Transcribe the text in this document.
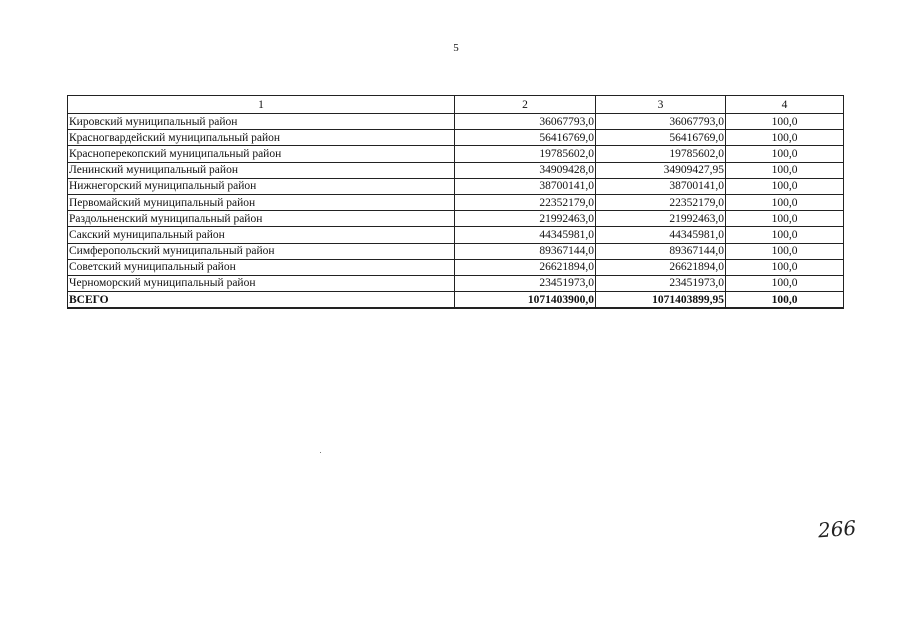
5
1	2	3	4
Кировский муниципальный район	36067793,0	36067793,0	100,0
Красногвардейский муниципальный район	56416769,0	56416769,0	100,0
Красноперекопский муниципальный район	19785602,0	19785602,0	100,0
Ленинский муниципальный район	34909428,0	34909427,95	100,0
Нижнегорский муниципальный район	38700141,0	38700141,0	100,0
Первомайский муниципальный район	22352179,0	22352179,0	100,0
Раздольненский муниципальный район	21992463,0	21992463,0	100,0
Сакский муниципальный район	44345981,0	44345981,0	100,0
Симферопольский муниципальный район	89367144,0	89367144,0	100,0
Советский муниципальный район	26621894,0	26621894,0	100,0
Черноморский муниципальный район	23451973,0	23451973,0	100,0
ВСЕГО	1071403900,0	1071403899,95	100,0
266
